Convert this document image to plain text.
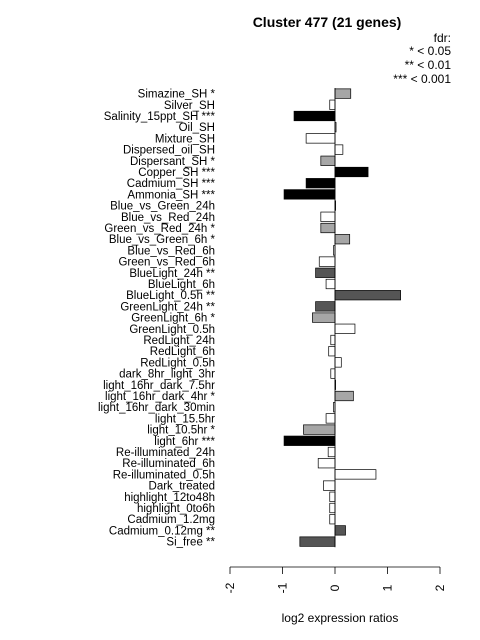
Cluster 477 (21 genes)
fdr:
* < 0.05
** < 0.01
*** < 0.001
Simazine_SH *
Silver_SH
Salinity_15ppt_SH ***
Oil_SH
Mixture_SH
Dispersed_oil_SH
Dispersant_SH *
Copper_SH ***
Cadmium_SH ***
Ammonia_SH ***
Blue_vs_Green_24h
Blue_vs_Red_24h
Green_vs_Red_24h *
Blue_vs_Green_6h *
Blue_vs_Red_6h
Green_vs_Red_6h
BlueLight_24h **
BlueLight_6h
BlueLight_0.5h **
GreenLight_24h **
GreenLight_6h *
GreenLight_0.5h
RedLight_24h
RedLight_6h
RedLight_0.5h
dark_8hr_light_3hr
light_16hr_dark_7.5hr
light_16hr_dark_4hr *
light_16hr_dark_30min
light_15.5hr
light_10.5hr *
light_6hr ***
Re-illuminated_24h
Re-illuminated_6h
Re-illuminated_0.5h
Dark_treated
highlight_12to48h
highlight_0to6h
Cadmium_1.2mg
Cadmium_0.12mg **
Si_free **
-2	-1	0	1	2
log2 expression ratios
